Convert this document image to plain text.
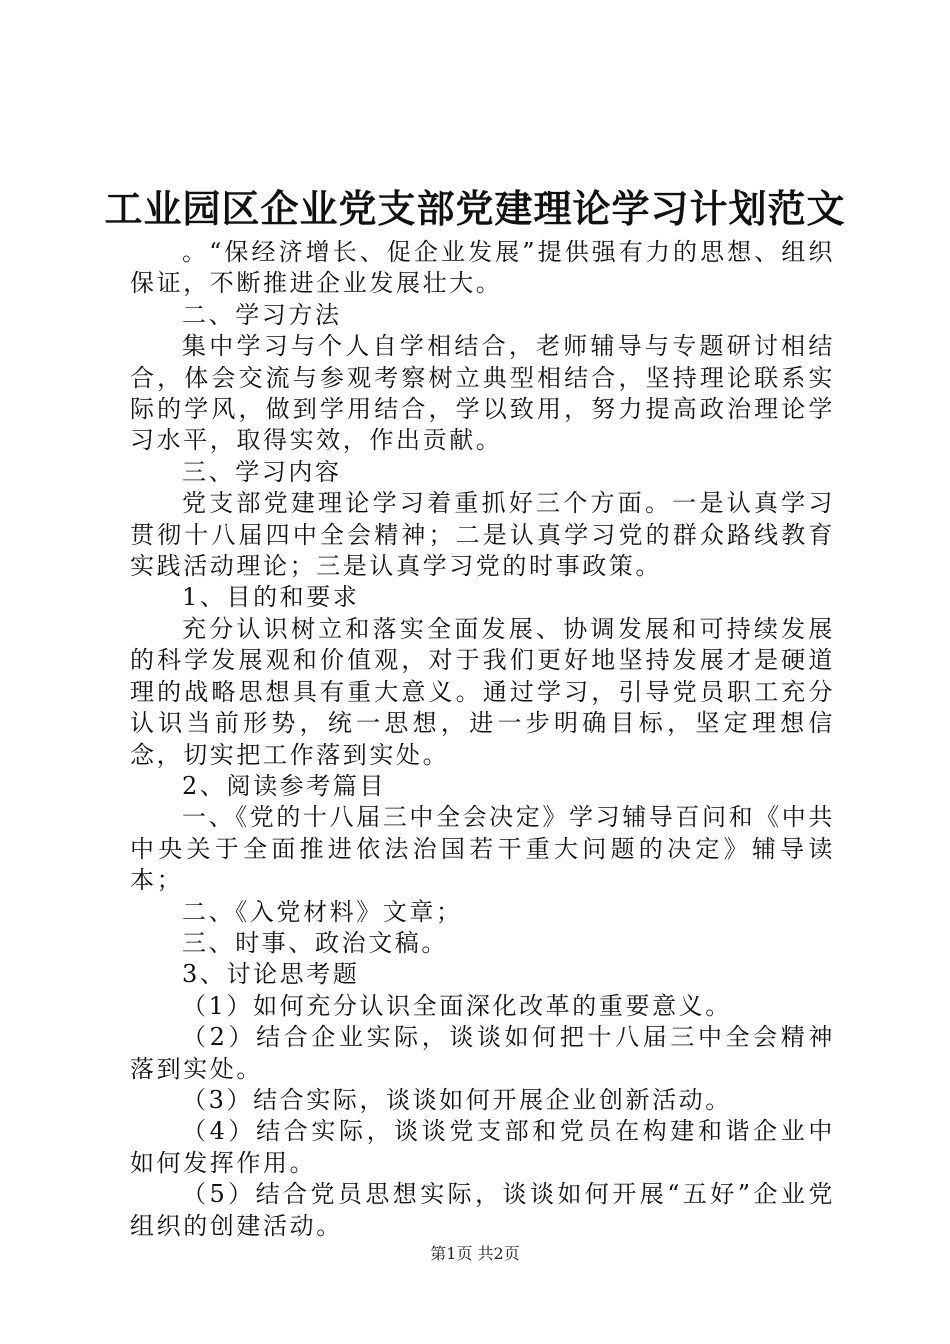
工业园区企业党支部党建理论学习计划范文

。“保经济增长、促企业发展”提供强有力的思想、组织保证，不断推进企业发展壮大。

二、学习方法

集中学习与个人自学相结合，老师辅导与专题研讨相结合，体会交流与参观考察树立典型相结合，坚持理论联系实际的学风，做到学用结合，学以致用，努力提高政治理论学习水平，取得实效，作出贡献。

三、学习内容

党支部党建理论学习着重抓好三个方面。一是认真学习贯彻十八届四中全会精神；二是认真学习党的群众路线教育实践活动理论；三是认真学习党的时事政策。

1、目的和要求

充分认识树立和落实全面发展、协调发展和可持续发展的科学发展观和价值观，对于我们更好地坚持发展才是硬道理的战略思想具有重大意义。通过学习，引导党员职工充分认识当前形势，统一思想，进一步明确目标，坚定理想信念，切实把工作落到实处。

2、阅读参考篇目

一、《党的十八届三中全会决定》学习辅导百问和《中共中央关于全面推进依法治国若干重大问题的决定》辅导读本；

二、《入党材料》文章；

三、时事、政治文稿。

3、讨论思考题

（1）如何充分认识全面深化改革的重要意义。

（2）结合企业实际，谈谈如何把十八届三中全会精神落到实处。

（3）结合实际，谈谈如何开展企业创新活动。

（4）结合实际，谈谈党支部和党员在构建和谐企业中如何发挥作用。

（5）结合党员思想实际，谈谈如何开展“五好”企业党组织的创建活动。

第1页 共2页
